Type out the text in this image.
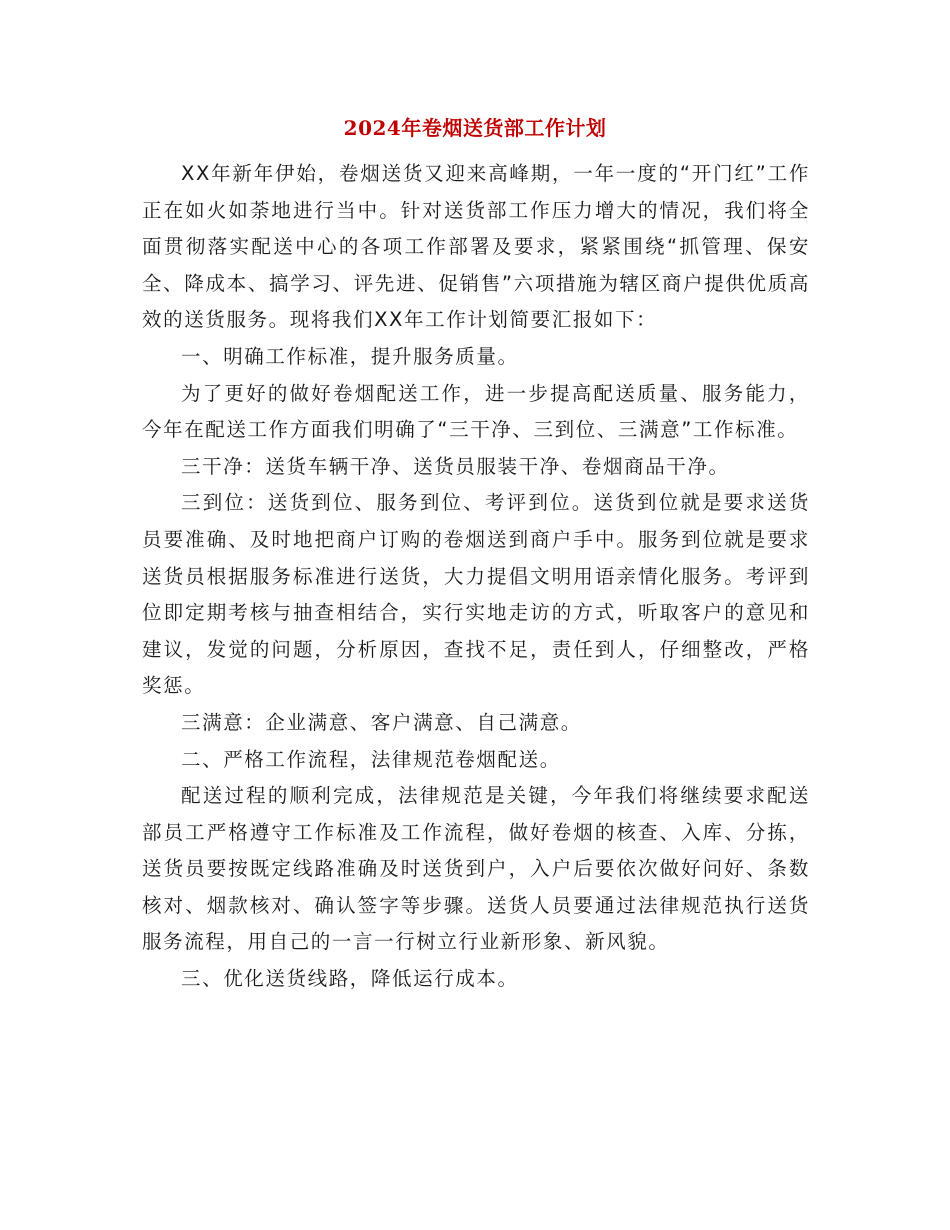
2024年卷烟送货部工作计划

XX年新年伊始，卷烟送货又迎来高峰期，一年一度的“开门红”工作正在如火如荼地进行当中。针对送货部工作压力增大的情况，我们将全面贯彻落实配送中心的各项工作部署及要求，紧紧围绕“抓管理、保安全、降成本、搞学习、评先进、促销售”六项措施为辖区商户提供优质高效的送货服务。现将我们XX年工作计划简要汇报如下：

一、明确工作标准，提升服务质量。

为了更好的做好卷烟配送工作，进一步提高配送质量、服务能力，今年在配送工作方面我们明确了“三干净、三到位、三满意”工作标准。

三干净：送货车辆干净、送货员服装干净、卷烟商品干净。

三到位：送货到位、服务到位、考评到位。送货到位就是要求送货员要准确、及时地把商户订购的卷烟送到商户手中。服务到位就是要求送货员根据服务标准进行送货，大力提倡文明用语亲情化服务。考评到位即定期考核与抽查相结合，实行实地走访的方式，听取客户的意见和建议，发觉的问题，分析原因，查找不足，责任到人，仔细整改，严格奖惩。

三满意：企业满意、客户满意、自己满意。

二、严格工作流程，法律规范卷烟配送。

配送过程的顺利完成，法律规范是关键，今年我们将继续要求配送部员工严格遵守工作标准及工作流程，做好卷烟的核查、入库、分拣，送货员要按既定线路准确及时送货到户，入户后要依次做好问好、条数核对、烟款核对、确认签字等步骤。送货人员要通过法律规范执行送货服务流程，用自己的一言一行树立行业新形象、新风貌。

三、优化送货线路，降低运行成本。
